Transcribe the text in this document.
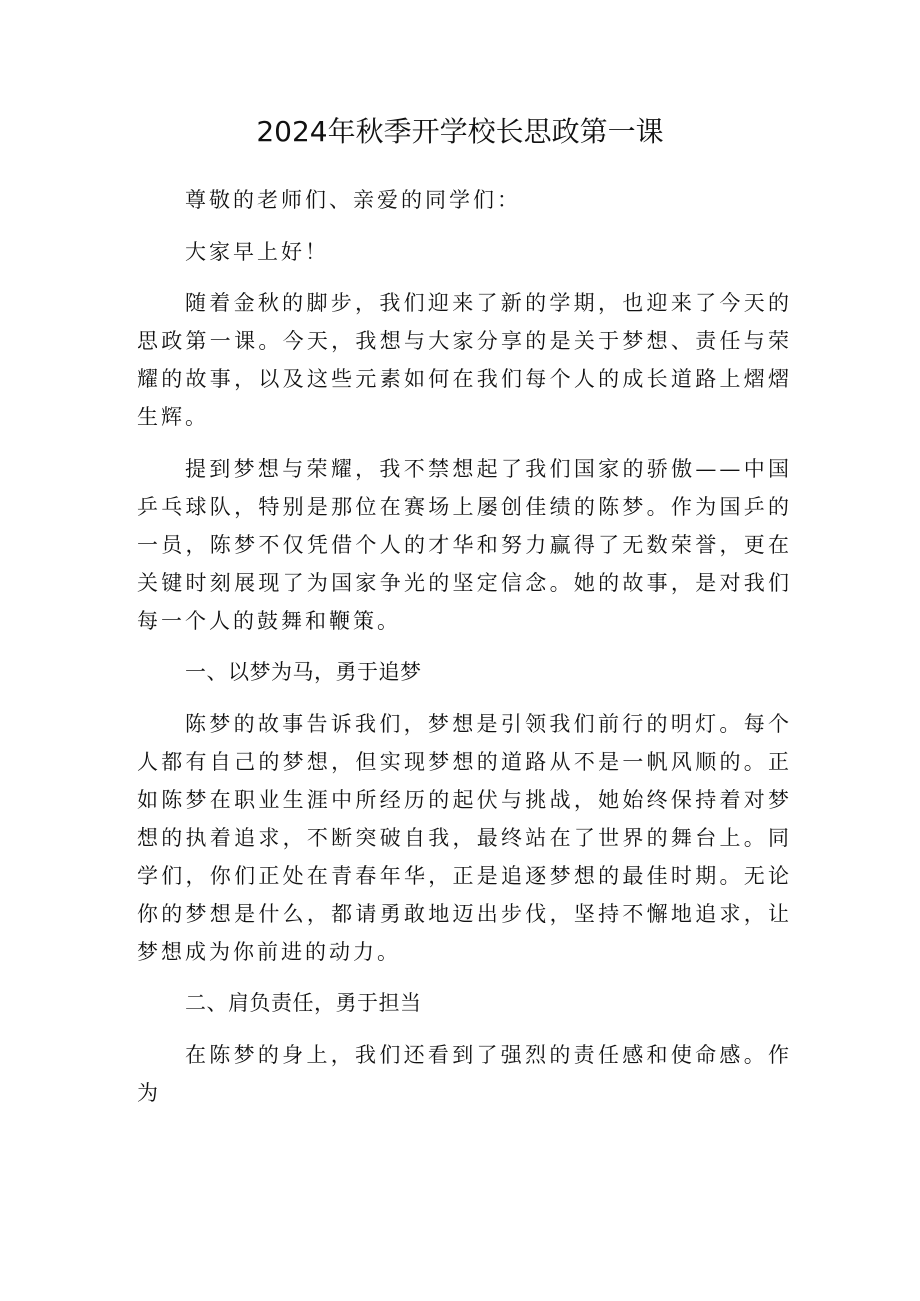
2024年秋季开学校长思政第一课

尊敬的老师们、亲爱的同学们：

大家早上好！

随着金秋的脚步，我们迎来了新的学期，也迎来了今天的思政第一课。今天，我想与大家分享的是关于梦想、责任与荣耀的故事，以及这些元素如何在我们每个人的成长道路上熠熠生辉。

提到梦想与荣耀，我不禁想起了我们国家的骄傲——中国乒乓球队，特别是那位在赛场上屡创佳绩的陈梦。作为国乒的一员，陈梦不仅凭借个人的才华和努力赢得了无数荣誉，更在关键时刻展现了为国家争光的坚定信念。她的故事，是对我们每一个人的鼓舞和鞭策。

一、以梦为马，勇于追梦

陈梦的故事告诉我们，梦想是引领我们前行的明灯。每个人都有自己的梦想，但实现梦想的道路从不是一帆风顺的。正如陈梦在职业生涯中所经历的起伏与挑战，她始终保持着对梦想的执着追求，不断突破自我，最终站在了世界的舞台上。同学们，你们正处在青春年华，正是追逐梦想的最佳时期。无论你的梦想是什么，都请勇敢地迈出步伐，坚持不懈地追求，让梦想成为你前进的动力。

二、肩负责任，勇于担当

在陈梦的身上，我们还看到了强烈的责任感和使命感。作为
